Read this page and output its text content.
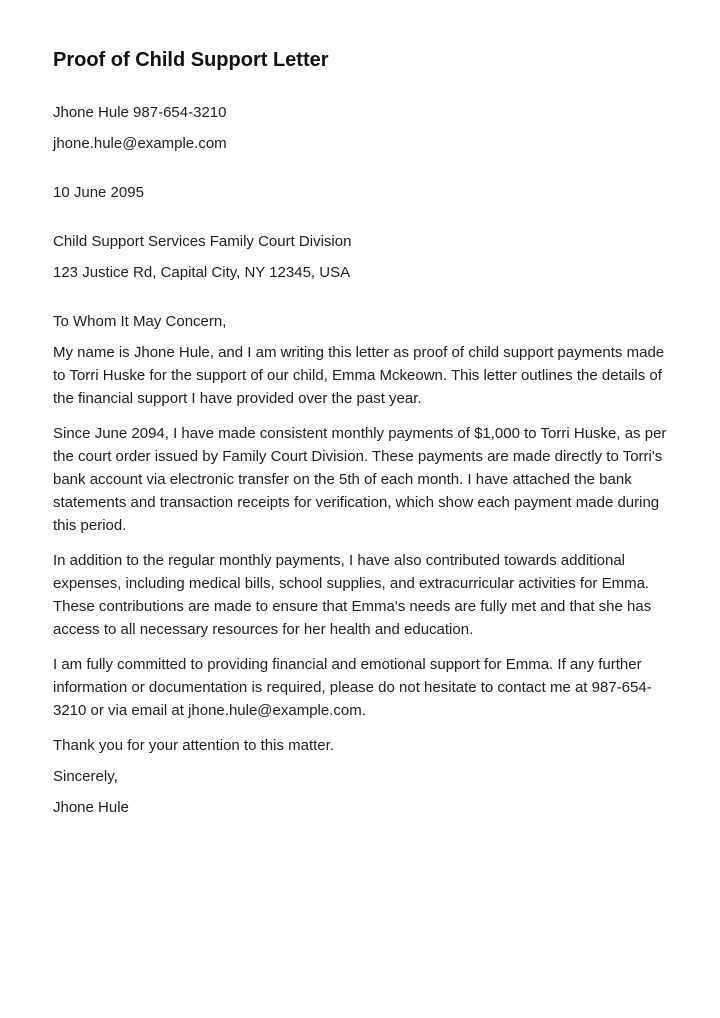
Proof of Child Support Letter
Jhone Hule 987-654-3210
jhone.hule@example.com
10 June 2095
Child Support Services Family Court Division
123 Justice Rd, Capital City, NY 12345, USA
To Whom It May Concern,

My name is Jhone Hule, and I am writing this letter as proof of child support payments made to Torri Huske for the support of our child, Emma Mckeown. This letter outlines the details of the financial support I have provided over the past year.

Since June 2094, I have made consistent monthly payments of $1,000 to Torri Huske, as per the court order issued by Family Court Division. These payments are made directly to Torri's bank account via electronic transfer on the 5th of each month. I have attached the bank statements and transaction receipts for verification, which show each payment made during this period.

In addition to the regular monthly payments, I have also contributed towards additional expenses, including medical bills, school supplies, and extracurricular activities for Emma. These contributions are made to ensure that Emma's needs are fully met and that she has access to all necessary resources for her health and education.

I am fully committed to providing financial and emotional support for Emma. If any further information or documentation is required, please do not hesitate to contact me at 987-654-3210 or via email at jhone.hule@example.com.

Thank you for your attention to this matter.
Sincerely,
Jhone Hule
